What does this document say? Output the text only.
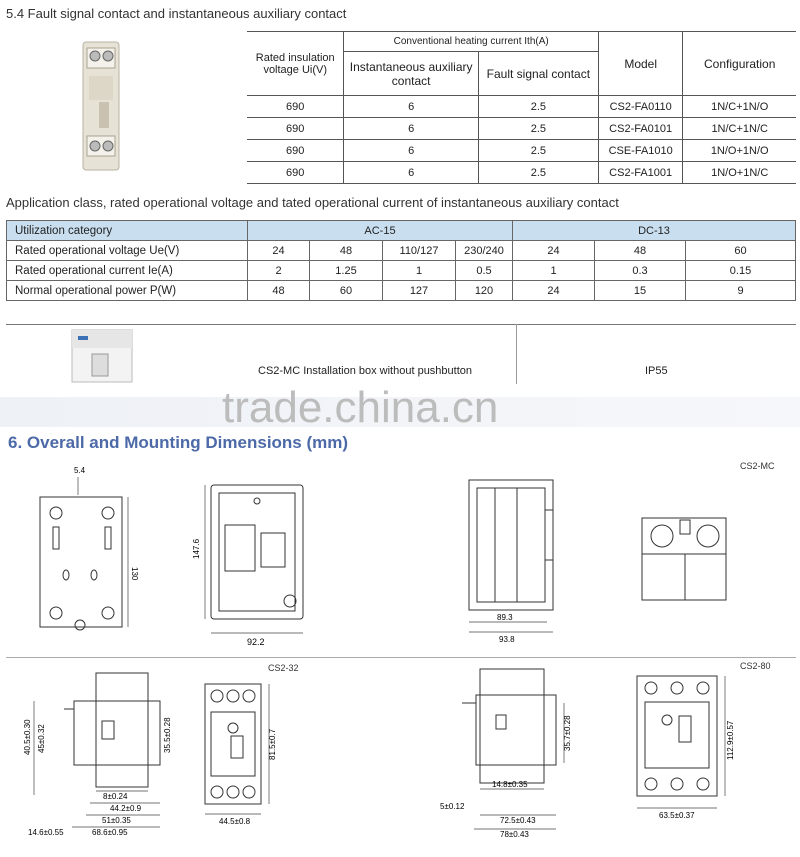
5.4 Fault signal contact and instantaneous auxiliary contact
Rated insulation voltage Ui(V)	Conventional heating current Ith(A)		Model	Configuration
	Instantaneous auxiliary contact	Fault signal contact		
690	6	2.5	CS2-FA0110	1N/C+1N/O
690	6	2.5	CS2-FA0101	1N/C+1N/C
690	6	2.5	CSE-FA1010	1N/O+1N/O
690	6	2.5	CS2-FA1001	1N/O+1N/C
Application class, rated operational voltage and tated operational current of instantaneous auxiliary contact
Utilization category	AC-15				DC-13		
Rated operational voltage Ue(V)	24	48	110/127	230/240	24	48	60
Rated operational current Ie(A)	2	1.25	1	0.5	1	0.3	0.15
Normal operational power P(W)	48	60	127	120	24	15	9
CS2-MC Installation box without pushbutton	IP55
trade.china.cn
6. Overall and Mounting Dimensions (mm)
CS2-MC
5.4
130
147.6
92.2
89.3
93.8
CS2-32	CS2-80
40.5±0.30 45±0.32	35.5±0.28
8±0.24
44.2±0.9
51±0.35
68.6±0.95
14.6±0.55
81.5±0.7
44.5±0.8
35.7±0.28
14.8±0.35
5±0.12
72.5±0.43
78±0.43
112.9±0.57
63.5±0.37
